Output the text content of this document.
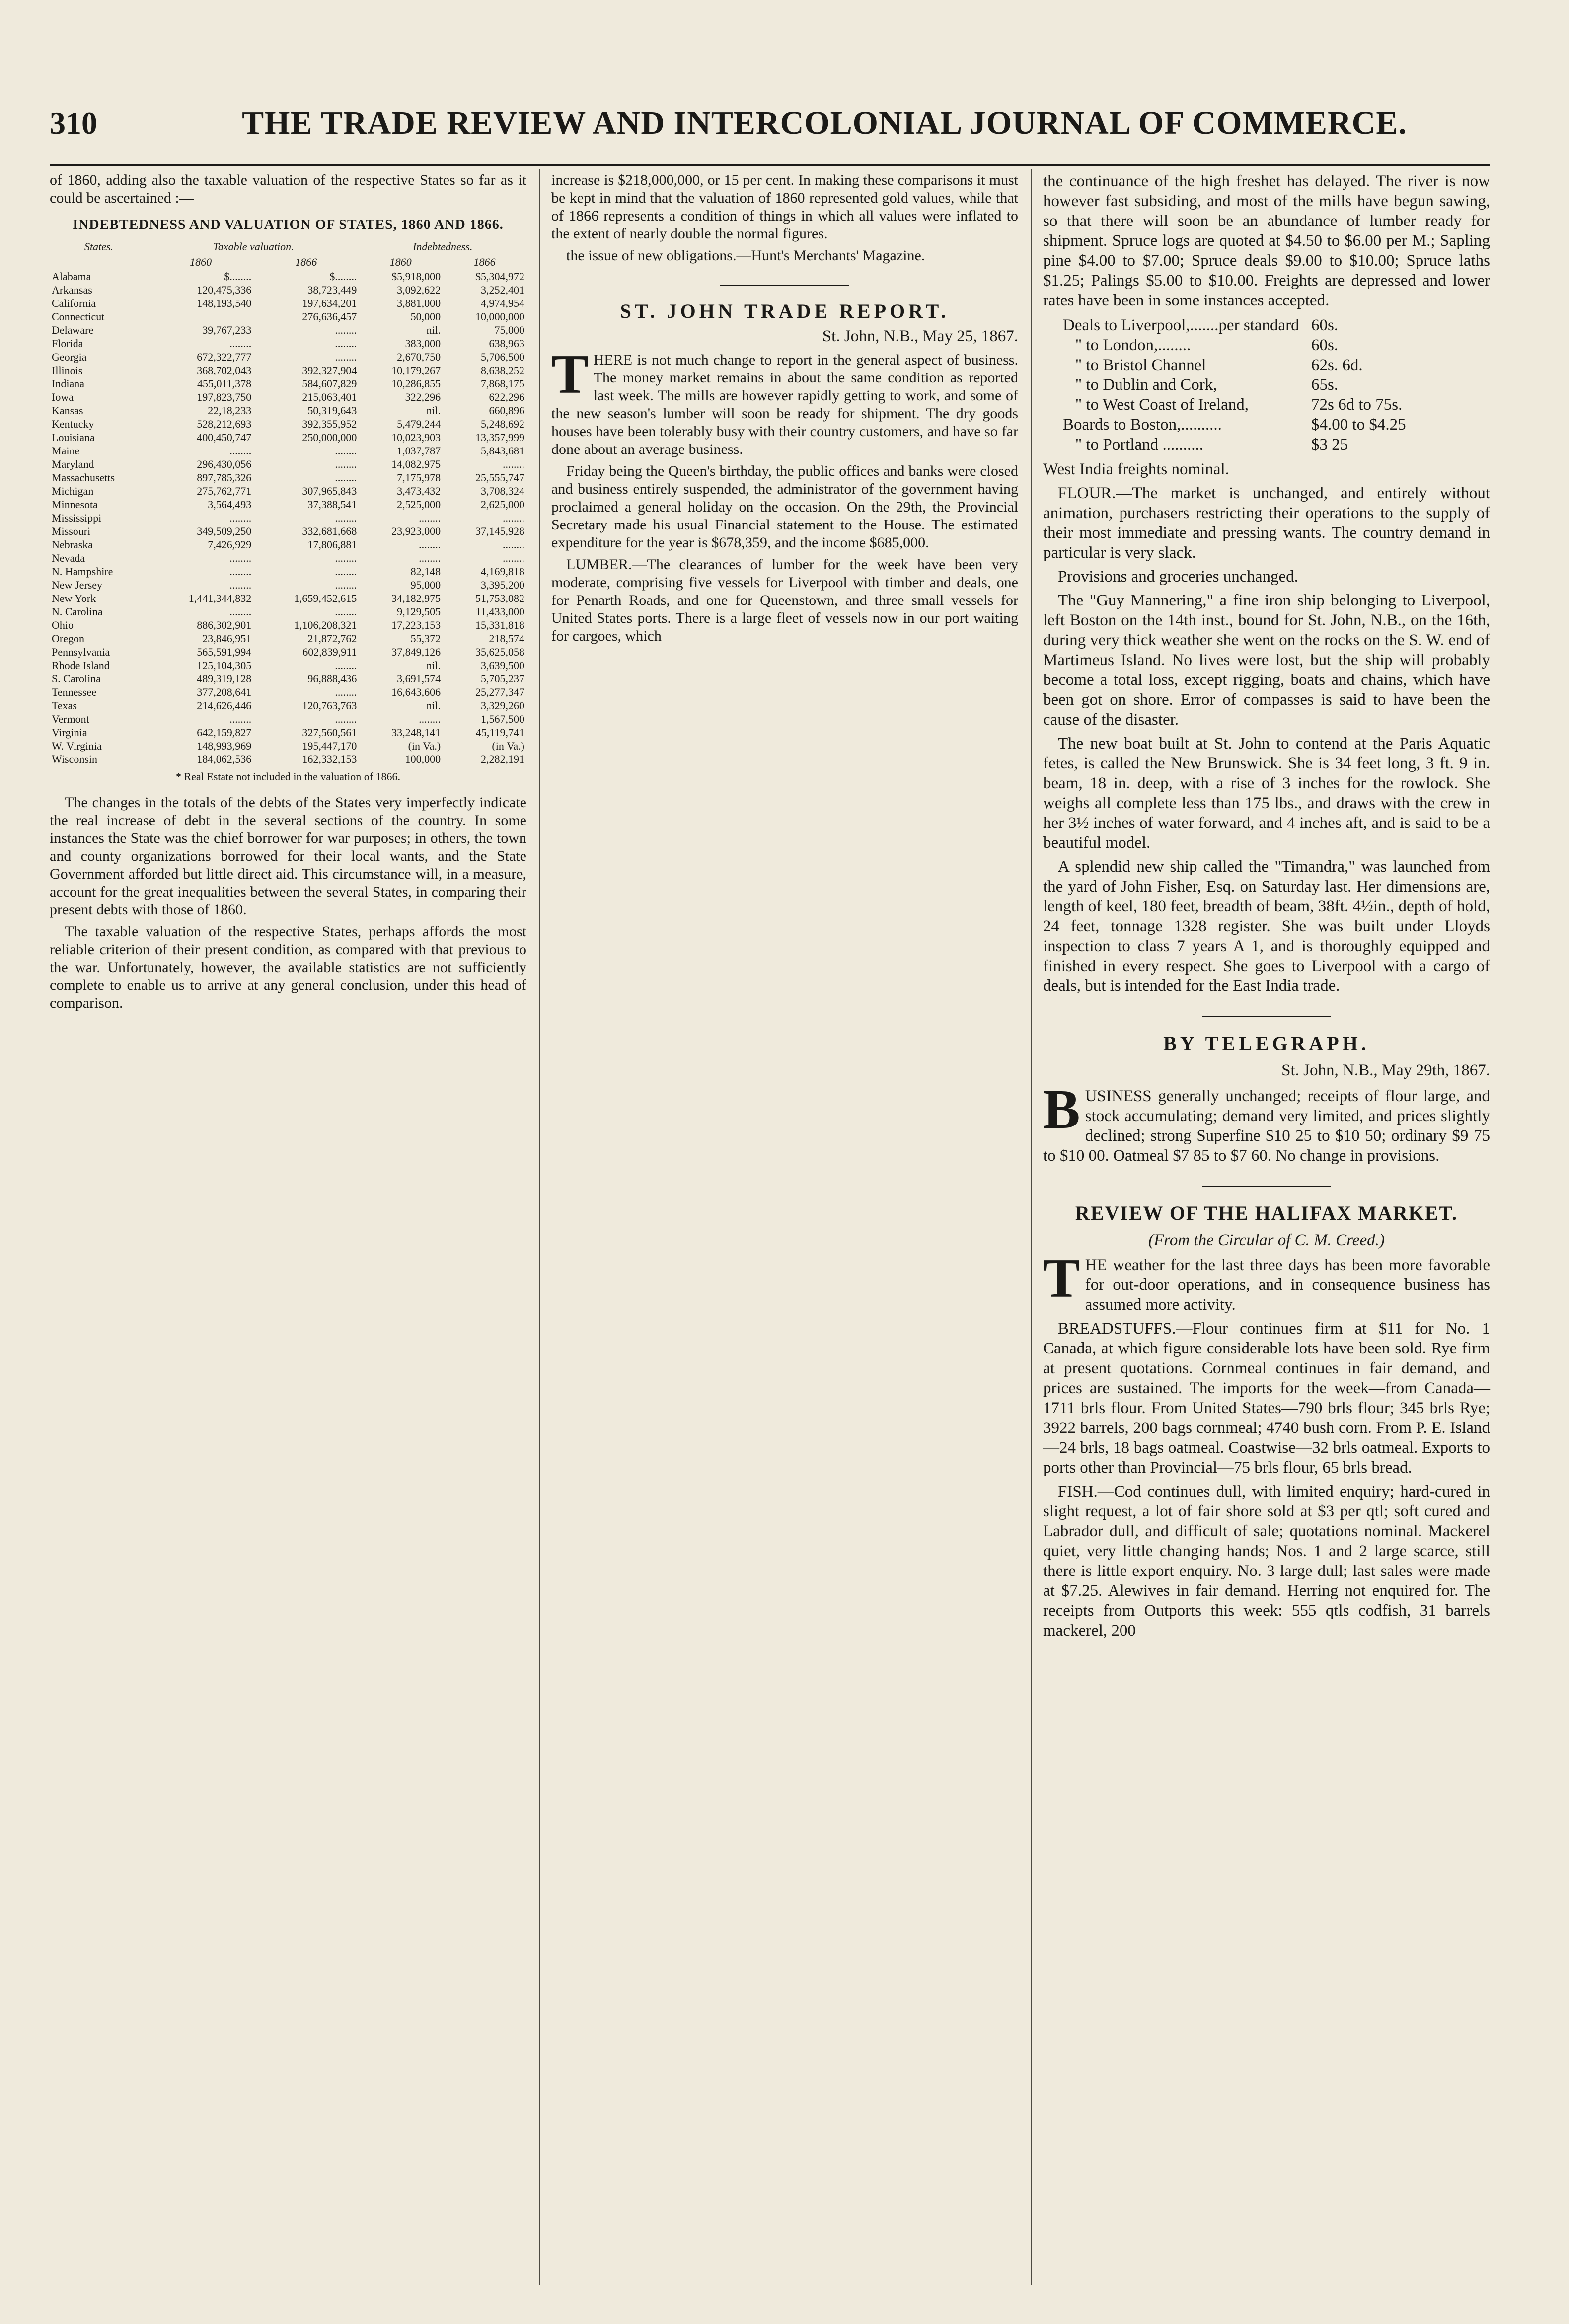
310	THE TRADE REVIEW AND INTERCOLONIAL JOURNAL OF COMMERCE.

of 1860, adding also the taxable valuation of the respective States so far as it could be ascertained :—

INDEBTEDNESS AND VALUATION OF STATES, 1860 AND 1866.
States.	Taxable valuation.		Indebtedness.	
	1860	1866	1860	1866
Alabama	$........	$........	$5,918,000	$5,304,972
Arkansas	120,475,336	38,723,449	3,092,622	3,252,401
California	148,193,540	197,634,201	3,881,000	4,974,954
Connecticut		276,636,457	50,000	10,000,000
Delaware	39,767,233	........	nil.	75,000
Florida	........	........	383,000	638,963
Georgia	672,322,777	........	2,670,750	5,706,500
Illinois	368,702,043	392,327,904	10,179,267	8,638,252
Indiana	455,011,378	584,607,829	10,286,855	7,868,175
Iowa	197,823,750	215,063,401	322,296	622,296
Kansas	22,18,233	50,319,643	nil.	660,896
Kentucky	528,212,693	392,355,952	5,479,244	5,248,692
Louisiana	400,450,747	250,000,000	10,023,903	13,357,999
Maine	........	........	1,037,787	5,843,681
Maryland	296,430,056	........	14,082,975	........
Massachusetts	897,785,326	........	7,175,978	25,555,747
Michigan	275,762,771	307,965,843	3,473,432	3,708,324
Minnesota	3,564,493	37,388,541	2,525,000	2,625,000
Mississippi	........	........	........	........
Missouri	349,509,250	332,681,668	23,923,000	37,145,928
Nebraska	7,426,929	17,806,881	........	........
Nevada	........	........	........	........
N. Hampshire	........	........	82,148	4,169,818
New Jersey	........	........	95,000	3,395,200
New York	1,441,344,832	1,659,452,615	34,182,975	51,753,082
N. Carolina	........	........	9,129,505	11,433,000
Ohio	886,302,901	1,106,208,321	17,223,153	15,331,818
Oregon	23,846,951	21,872,762	55,372	218,574
Pennsylvania	565,591,994	602,839,911	37,849,126	35,625,058
Rhode Island	125,104,305	........	nil.	3,639,500
S. Carolina	489,319,128	96,888,436	3,691,574	5,705,237
Tennessee	377,208,641	........	16,643,606	25,277,347
Texas	214,626,446	120,763,763	nil.	3,329,260
Vermont	........	........	........	1,567,500
Virginia	642,159,827	327,560,561	33,248,141	45,119,741
W. Virginia	148,993,969	195,447,170	(in Va.)	(in Va.)
Wisconsin	184,062,536	162,332,153	100,000	2,282,191
* Real Estate not included in the valuation of 1866.

The changes in the totals of the debts of the States very imperfectly indicate the real increase of debt in the several sections of the country. In some instances the State was the chief borrower for war purposes; in others, the town and county organizations borrowed for their local wants, and the State Government afforded but little direct aid. This circumstance will, in a measure, account for the great inequalities between the several States, in comparing their present debts with those of 1860.

The taxable valuation of the respective States, perhaps affords the most reliable criterion of their present condition, as compared with that previous to the war. Unfortunately, however, the available statistics are not sufficiently complete to enable us to arrive at any general conclusion, under this head of comparison.

increase is $218,000,000, or 15 per cent. In making these comparisons it must be kept in mind that the valuation of 1860 represented gold values, while that of 1866 represents a condition of things in which all values were inflated to the extent of nearly double the normal figures.

the issue of new obligations.—Hunt's Merchants' Magazine.

ST. JOHN TRADE REPORT.
St. John, N.B., May 25, 1867.

THERE is not much change to report in the general aspect of business. The money market remains in about the same condition as reported last week. The mills are however rapidly getting to work, and some of the new season's lumber will soon be ready for shipment. The dry goods houses have been tolerably busy with their country customers, and have so far done about an average business.

Friday being the Queen's birthday, the public offices and banks were closed and business entirely suspended, the administrator of the government having proclaimed a general holiday on the occasion. On the 29th, the Provincial Secretary made his usual Financial statement to the House. The estimated expenditure for the year is $678,359, and the income $685,000.

LUMBER.—The clearances of lumber for the week have been very moderate, comprising five vessels for Liverpool with timber and deals, one for Penarth Roads, and one for Queenstown, and three small vessels for United States ports. There is a large fleet of vessels now in our port waiting for cargoes, which

the continuance of the high freshet has delayed. The river is now however fast subsiding, and most of the mills have begun sawing, so that there will soon be an abundance of lumber ready for shipment. Spruce logs are quoted at $4.50 to $6.00 per M.; Sapling pine $4.00 to $7.00; Spruce deals $9.00 to $10.00; Spruce laths $1.25; Palings $5.00 to $10.00. Freights are depressed and lower rates have been in some instances accepted.

Deals to Liverpool,.......per standard 60s.
" to London,........	60s.
" to Bristol Channel	62s. 6d.
" to Dublin and Cork,	65s.
" to West Coast of Ireland,	72s 6d to 75s.
Boards to Boston,..........	$4.00 to $4.25
" to Portland ..........	$3 25

West India freights nominal.

FLOUR.—The market is unchanged, and entirely without animation, purchasers restricting their operations to the supply of their most immediate and pressing wants. The country demand in particular is very slack.

Provisions and groceries unchanged.

The "Guy Mannering," a fine iron ship belonging to Liverpool, left Boston on the 14th inst., bound for St. John, N.B., on the 16th, during very thick weather she went on the rocks on the S. W. end of Martimeus Island. No lives were lost, but the ship will probably become a total loss, except rigging, boats and chains, which have been got on shore. Error of compasses is said to have been the cause of the disaster.

The new boat built at St. John to contend at the Paris Aquatic fetes, is called the New Brunswick. She is 34 feet long, 3 ft. 9 in. beam, 18 in. deep, with a rise of 3 inches for the rowlock. She weighs all complete less than 175 lbs., and draws with the crew in her 3½ inches of water forward, and 4 inches aft, and is said to be a beautiful model.

A splendid new ship called the "Timandra," was launched from the yard of John Fisher, Esq. on Saturday last. Her dimensions are, length of keel, 180 feet, breadth of beam, 38ft. 4½in., depth of hold, 24 feet, tonnage 1328 register. She was built under Lloyds inspection to class 7 years A 1, and is thoroughly equipped and finished in every respect. She goes to Liverpool with a cargo of deals, but is intended for the East India trade.

BY TELEGRAPH.
St. John, N.B., May 29th, 1867.

BUSINESS generally unchanged; receipts of flour large, and stock accumulating; demand very limited, and prices slightly declined; strong Superfine $10 25 to $10 50; ordinary $9 75 to $10 00. Oatmeal $7 85 to $7 60. No change in provisions.

REVIEW OF THE HALIFAX MARKET.
(From the Circular of C. M. Creed.)

THE weather for the last three days has been more favorable for out-door operations, and in consequence business has assumed more activity.

BREADSTUFFS.—Flour continues firm at $11 for No. 1 Canada, at which figure considerable lots have been sold. Rye firm at present quotations. Cornmeal continues in fair demand, and prices are sustained. The imports for the week—from Canada—1711 brls flour. From United States—790 brls flour; 345 brls Rye; 3922 barrels, 200 bags cornmeal; 4740 bush corn. From P. E. Island—24 brls, 18 bags oatmeal. Coastwise—32 brls oatmeal. Exports to ports other than Provincial—75 brls flour, 65 brls bread.

FISH.—Cod continues dull, with limited enquiry; hard-cured in slight request, a lot of fair shore sold at $3 per qtl; soft cured and Labrador dull, and difficult of sale; quotations nominal. Mackerel quiet, very little changing hands; Nos. 1 and 2 large scarce, still there is little export enquiry. No. 3 large dull; last sales were made at $7.25. Alewives in fair demand. Herring not enquired for. The receipts from Outports this week: 555 qtls codfish, 31 barrels mackerel, 200
